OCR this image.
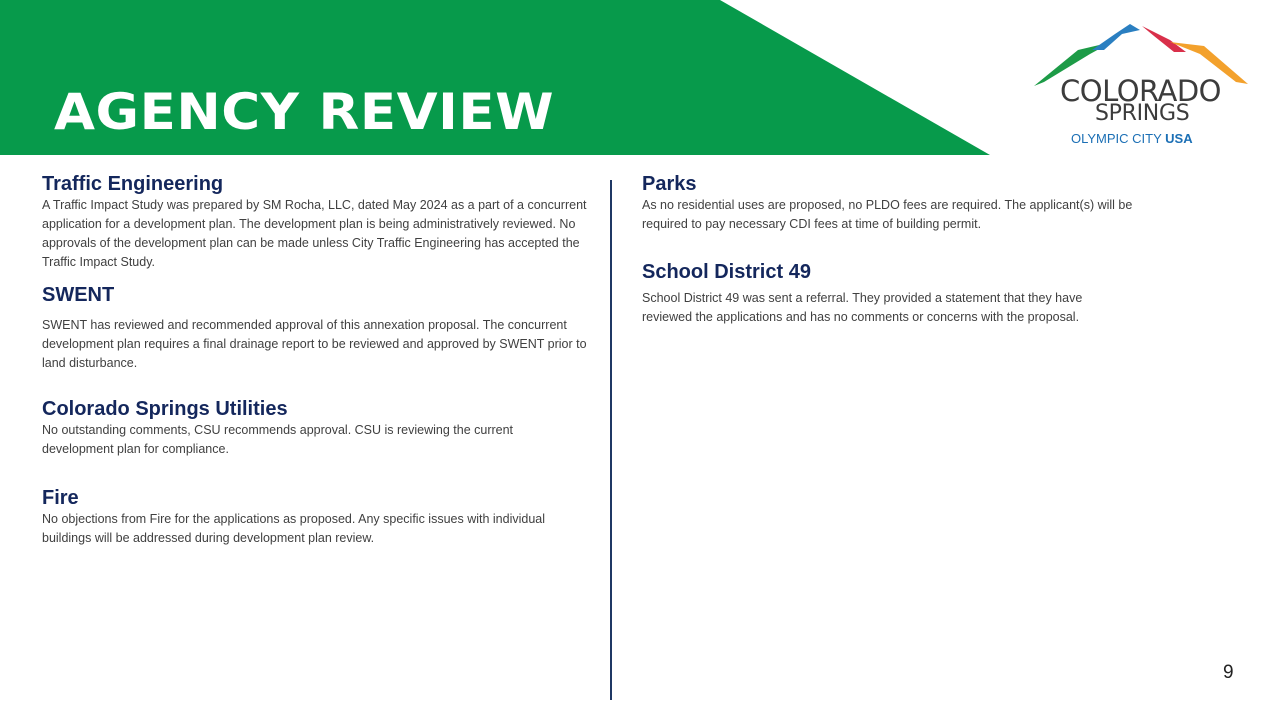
AGENCY REVIEW	COLORADO
SPRINGS
OLYMPIC CITY USA
Traffic Engineering

A Traffic Impact Study was prepared by SM Rocha, LLC, dated May 2024 as a part of a concurrent application for a development plan. The development plan is being administratively reviewed. No approvals of the development plan can be made unless City Traffic Engineering has accepted the Traffic Impact Study.

SWENT

SWENT has reviewed and recommended approval of this annexation proposal. The concurrent development plan requires a final drainage report to be reviewed and approved by SWENT prior to land disturbance.

Colorado Springs Utilities

No outstanding comments, CSU recommends approval. CSU is reviewing the current development plan for compliance.

Fire

No objections from Fire for the applications as proposed. Any specific issues with individual buildings will be addressed during development plan review.

Parks

As no residential uses are proposed, no PLDO fees are required. The applicant(s) will be required to pay necessary CDI fees at time of building permit.

School District 49

School District 49 was sent a referral. They provided a statement that they have reviewed the applications and has no comments or concerns with the proposal.

9
